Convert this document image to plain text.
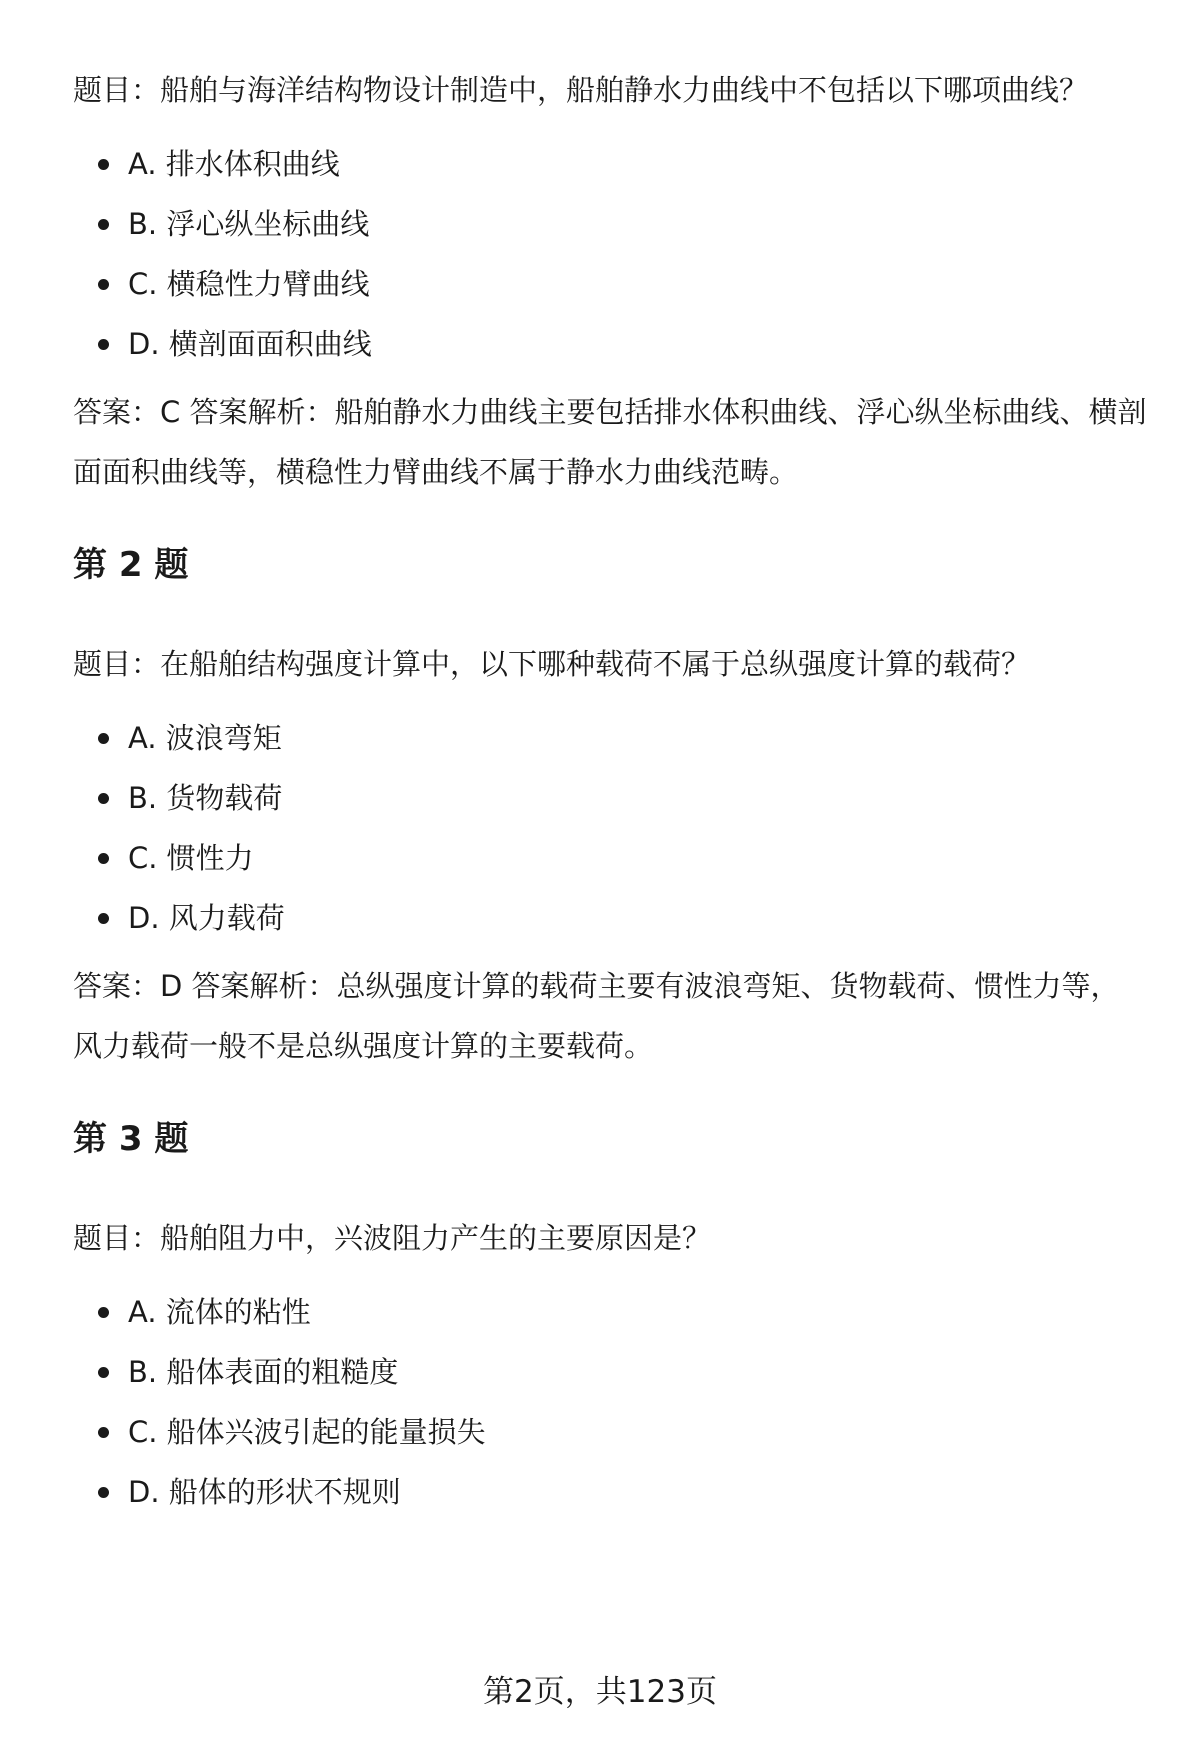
题目：船舶与海洋结构物设计制造中，船舶静水力曲线中不包括以下哪项曲线？

A. 排水体积曲线
B. 浮心纵坐标曲线
C. 横稳性力臂曲线
D. 横剖面面积曲线

答案：C 答案解析：船舶静水力曲线主要包括排水体积曲线、浮心纵坐标曲线、横剖面面积曲线等，横稳性力臂曲线不属于静水力曲线范畴。

第 2 题

题目：在船舶结构强度计算中，以下哪种载荷不属于总纵强度计算的载荷？

A. 波浪弯矩
B. 货物载荷
C. 惯性力
D. 风力载荷

答案：D 答案解析：总纵强度计算的载荷主要有波浪弯矩、货物载荷、惯性力等，风力载荷一般不是总纵强度计算的主要载荷。

第 3 题

题目：船舶阻力中，兴波阻力产生的主要原因是？

A. 流体的粘性
B. 船体表面的粗糙度
C. 船体兴波引起的能量损失
D. 船体的形状不规则
第2页，共123页
